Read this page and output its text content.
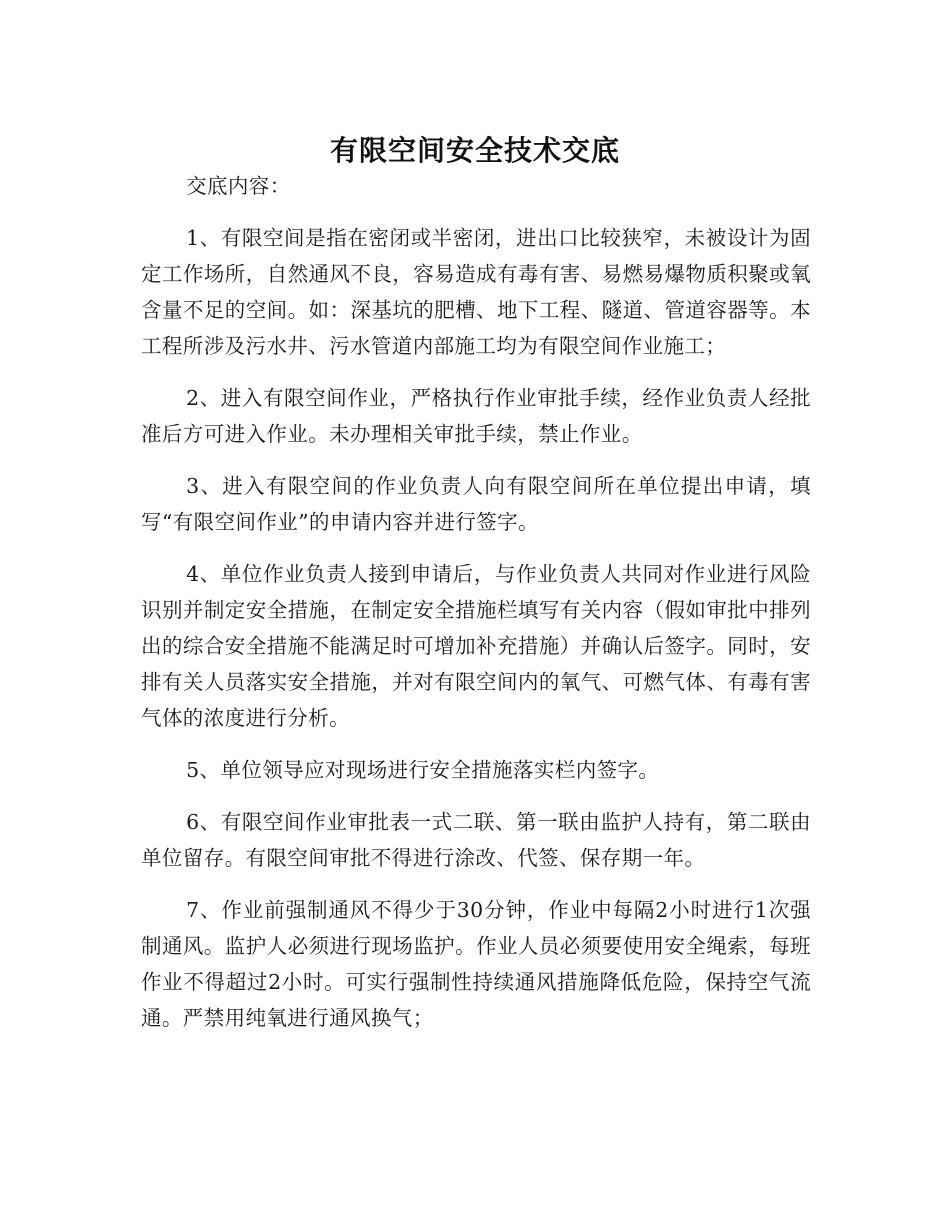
有限空间安全技术交底

交底内容：

1、有限空间是指在密闭或半密闭，进出口比较狭窄，未被设计为固定工作场所，自然通风不良，容易造成有毒有害、易燃易爆物质积聚或氧含量不足的空间。如：深基坑的肥槽、地下工程、隧道、管道容器等。本工程所涉及污水井、污水管道内部施工均为有限空间作业施工；

2、进入有限空间作业，严格执行作业审批手续，经作业负责人经批准后方可进入作业。未办理相关审批手续，禁止作业。

3、进入有限空间的作业负责人向有限空间所在单位提出申请，填写“有限空间作业”的申请内容并进行签字。

4、单位作业负责人接到申请后，与作业负责人共同对作业进行风险识别并制定安全措施，在制定安全措施栏填写有关内容（假如审批中排列出的综合安全措施不能满足时可增加补充措施）并确认后签字。同时，安排有关人员落实安全措施，并对有限空间内的氧气、可燃气体、有毒有害气体的浓度进行分析。

5、单位领导应对现场进行安全措施落实栏内签字。

6、有限空间作业审批表一式二联、第一联由监护人持有，第二联由单位留存。有限空间审批不得进行涂改、代签、保存期一年。

7、作业前强制通风不得少于30分钟，作业中每隔2小时进行1次强制通风。监护人必须进行现场监护。作业人员必须要使用安全绳索，每班作业不得超过2小时。可实行强制性持续通风措施降低危险，保持空气流通。严禁用纯氧进行通风换气；
